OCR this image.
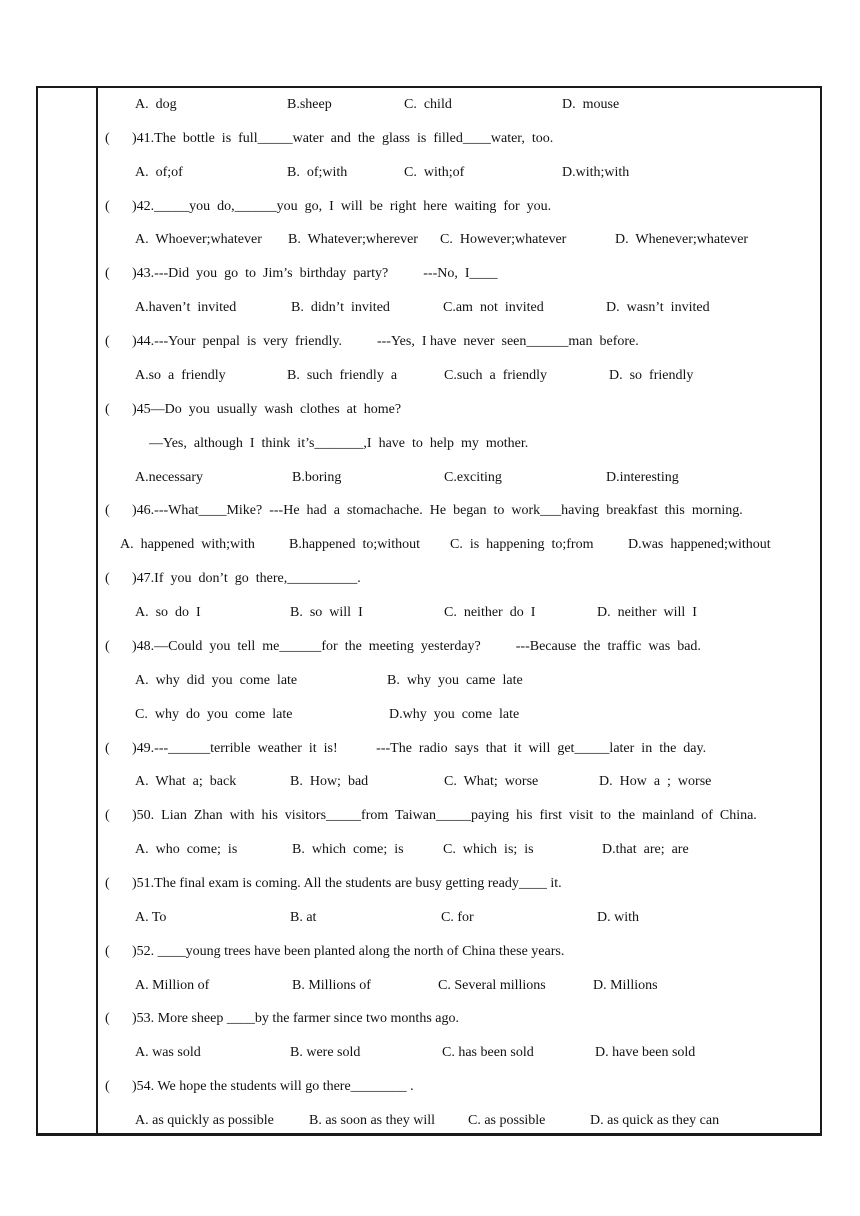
A.  dog	B.sheep	C.  child	D.  mouse
( )41.The  bottle  is  full_____water  and  the  glass  is  filled____water,  too.
A.  of;of	B.  of;with	C.  with;of	D.with;with
( )42._____you  do,______you  go,  I  will  be  right  here  waiting  for  you.
A.  Whoever;whatever B.  Whatever;wherever C.  However;whatever	D.  Whenever;whatever
( )43.---Did  you  go  to  Jim’s  birthday  party?          ---No,  I____
A.haven’t  invited	B.  didn’t  invited	C.am  not  invited	D.  wasn’t  invited
( )44.---Your  penpal  is  very  friendly.          ---Yes,  I have  never  seen______man  before.
A.so  a  friendly	B.  such  friendly  a	C.such  a  friendly	D.  so  friendly
( )45—Do  you  usually  wash  clothes  at  home?
—Yes,  although  I  think  it’s_______,I  have  to  help  my  mother.
A.necessary	B.boring	C.exciting	D.interesting
( )46.---What____Mike?  ---He  had  a  stomachache.  He  began  to  work___having  breakfast  this  morning.
A.  happened  with;with B.happened  to;without C.  is  happening  to;from D.was  happened;without
( )47.If  you  don’t  go  there,__________.
A.  so  do  I	B.  so  will  I	C.  neither  do  I	D.  neither  will  I
( )48.—Could  you  tell  me______for  the  meeting  yesterday?          ---Because  the  traffic  was  bad.
A.  why  did  you  come  late	B.  why  you  came  late
C.  why  do  you  come  late	D.why  you  come  late
( )49.---______terrible  weather  it  is!           ---The  radio  says  that  it  will  get_____later  in  the  day.
A.  What  a;  back	B.  How;  bad	C.  What;  worse	D.  How  a  ;  worse
( )50.  Lian  Zhan  with  his  visitors_____from  Taiwan_____paying  his  first  visit  to  the  mainland  of  China.
A.  who  come;  is	B.  which  come;  is	C.  which  is;  is	D.that  are;  are
( )51.The final exam is coming. All the students are busy getting ready____ it.
A. To	B. at	C. for	D. with
( )52. ____young trees have been planted along the north of China these years.
A. Million of	B. Millions of	C. Several millions	D. Millions
( )53. More sheep ____by the farmer since two months ago.
A. was sold	B. were sold	C. has been sold	D. have been sold
( )54. We hope the students will go there________ .
A. as quickly as possible	B. as soon as they will C. as possible	D. as quick as they can
